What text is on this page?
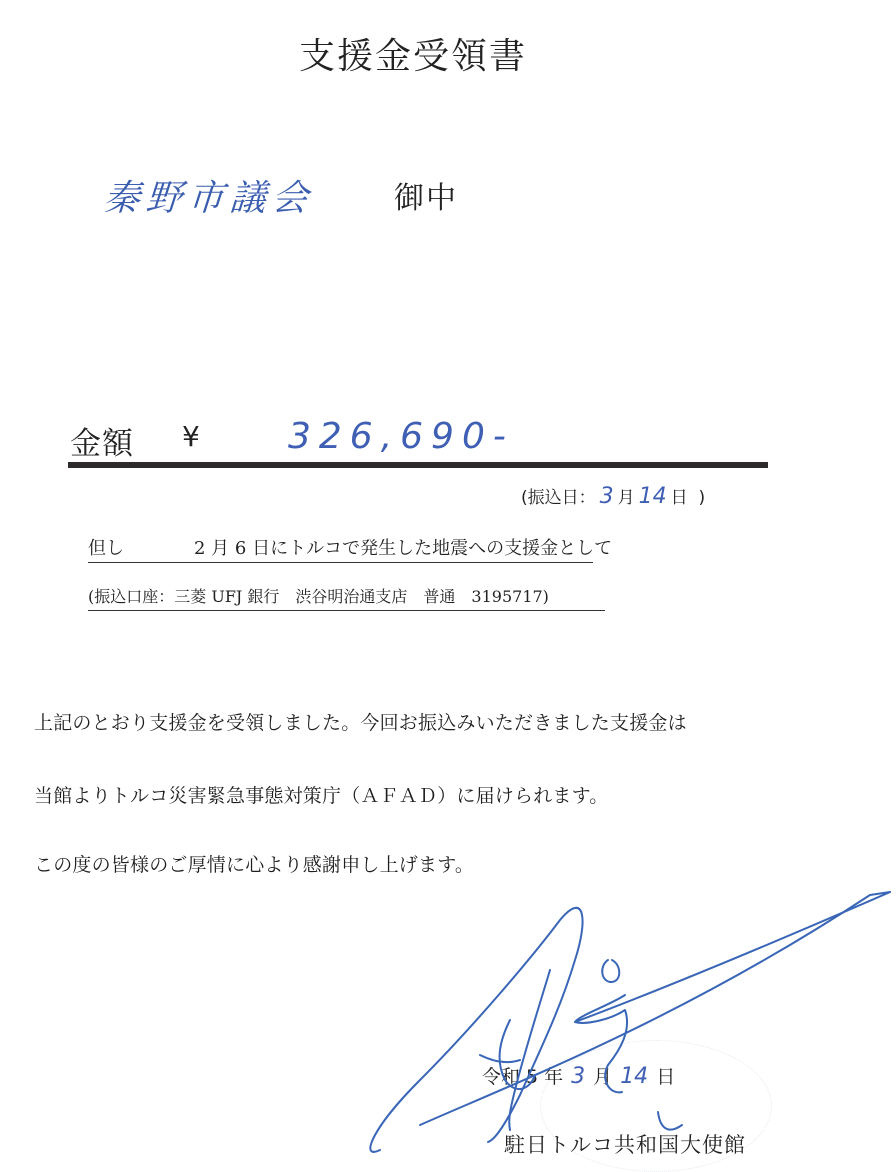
支援金受領書
秦野市議会	御中
金額 ¥ 326,690-
(振込日： 3 月 14 日 )
但し	2 月 6 日にトルコで発生した地震への支援金として
(振込口座：三菱 UFJ 銀行　渋谷明治通支店　普通　3195717)
上記のとおり支援金を受領しました。今回お振込みいただきました支援金は
当館よりトルコ災害緊急事態対策庁（ＡＦＡＤ）に届けられます。
この度の皆様のご厚情に心より感謝申し上げます。
令和 5 年 3 月 14 日
駐日トルコ共和国大使館
